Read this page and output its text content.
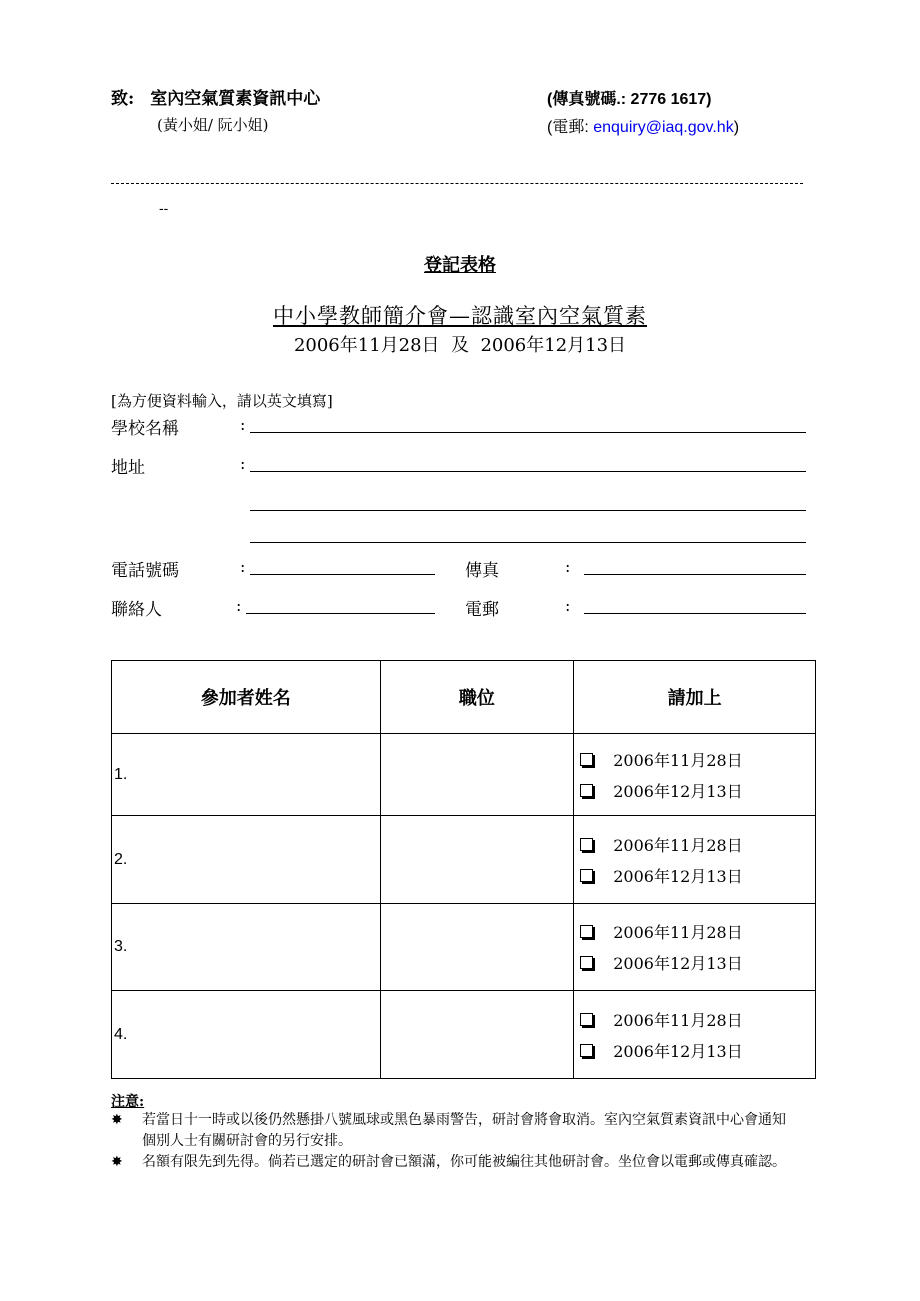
致: 室內空氣質素資訊中心	(傳真號碼.: 2776 1617)
(黃小姐/ 阮小姐)	(電郵: enquiry@iaq.gov.hk)
--
登記表格
中小學教師簡介會—認識室內空氣質素
2006年11月28日  及  2006年12月13日
[為方便資料輸入，請以英文填寫]
學校名稱	:
地址	:
電話號碼	:	傳真	:
聯絡人	:	電郵	:
參加者姓名	職位	請加上
1.		2006年11月28日
2006年12月13日

2.		2006年11月28日
2006年12月13日

3.		2006年11月28日
2006年12月13日

4.		2006年11月28日
2006年12月13日
注意:
✸ 若當日十一時或以後仍然懸掛八號風球或黑色暴雨警告，研討會將會取消。室內空氣質素資訊中心會通知個別人士有關研討會的另行安排。
✸ 名額有限先到先得。倘若已選定的研討會已額滿，你可能被編往其他研討會。坐位會以電郵或傳真確認。
